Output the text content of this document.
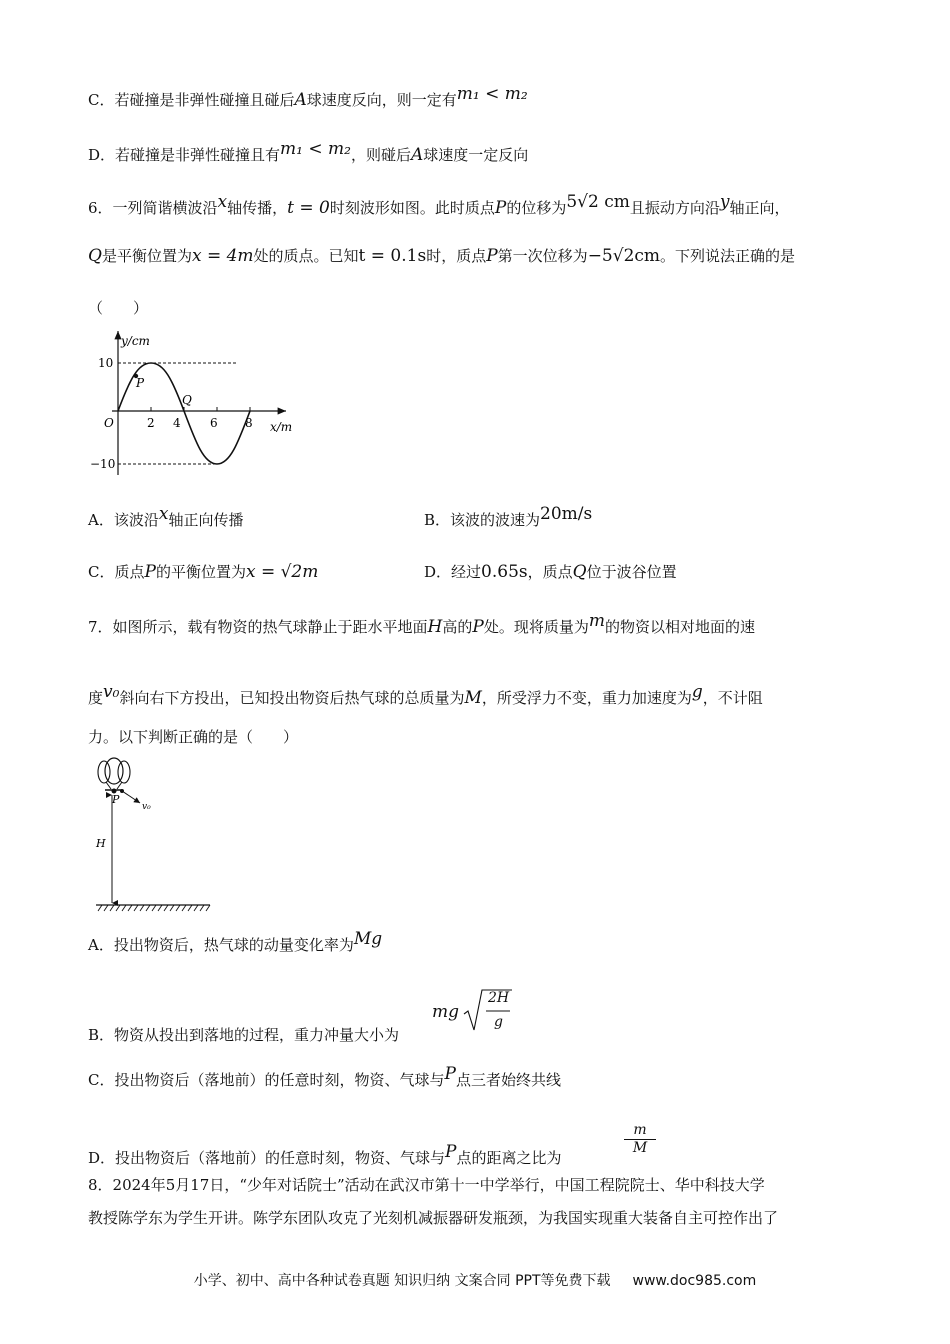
C．若碰撞是非弹性碰撞且碰后A球速度反向，则一定有m₁ < m₂
D．若碰撞是非弹性碰撞且有m₁ < m₂，则碰后A球速度一定反向
6．一列简谐横波沿x轴传播，t = 0时刻波形如图。此时质点P的位移为5√2 cm且振动方向沿y轴正向，
Q是平衡位置为x = 4m处的质点。已知t = 0.1s时，质点P第一次位移为−5√2cm。下列说法正确的是
（　　）
P
Q
y/cm
x/m
10
−10
O	2 4 6 8
A．该波沿x轴正向传播	B．该波的波速为20m/s
C．质点P的平衡位置为x = √2m	D．经过0.65s，质点Q位于波谷位置
7．如图所示，载有物资的热气球静止于距水平地面H高的P处。现将质量为m的物资以相对地面的速
度v₀斜向右下方投出，已知投出物资后热气球的总质量为M，所受浮力不变，重力加速度为g，不计阻
力。以下判断正确的是（　　）
P
v₀
H
A．投出物资后，热气球的动量变化率为Mg
B．物资从投出到落地的过程，重力冲量大小为
mg
2H
g
C．投出物资后（落地前）的任意时刻，物资、气球与P点三者始终共线
D．投出物资后（落地前）的任意时刻，物资、气球与P点的距离之比为
$\frac{m}{M}$
8．2024年5月17日，“少年对话院士”活动在武汉市第十一中学举行，中国工程院院士、华中科技大学
教授陈学东为学生开讲。陈学东团队攻克了光刻机减振器研发瓶颈，为我国实现重大装备自主可控作出了
小学、初中、高中各种试卷真题 知识归纳 文案合同 PPT等免费下载 www.doc985.com
